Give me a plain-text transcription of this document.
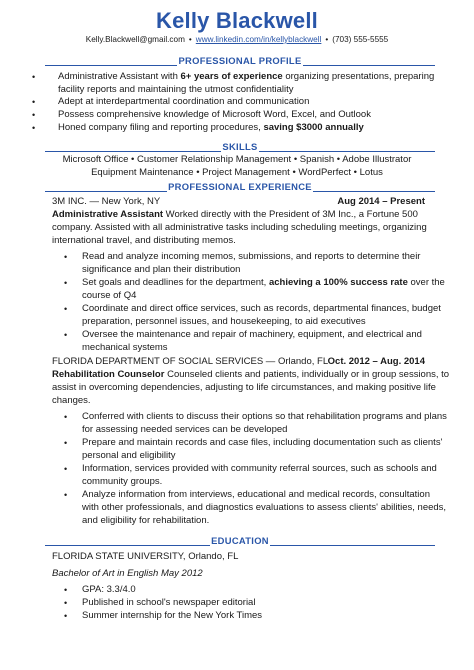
Kelly Blackwell
Kelly.Blackwell@gmail.com • www.linkedin.com/in/kellyblackwell • (703) 555-5555
PROFESSIONAL PROFILE
• Administrative Assistant with 6+ years of experience organizing presentations, preparing
facility reports and maintaining the utmost confidentiality
• Adept at interdepartmental coordination and communication
• Possess comprehensive knowledge of Microsoft Word, Excel, and Outlook
• Honed company filing and reporting procedures, saving $3000 annually
SKILLS
Microsoft Office • Customer Relationship Management • Spanish • Adobe Illustrator
Equipment Maintenance • Project Management • WordPerfect • Lotus
PROFESSIONAL EXPERIENCE
3M INC. — New York, NY	Aug 2014 – Present
Administrative Assistant Worked directly with the President of 3M Inc., a Fortune 500
company. Assisted with all administrative tasks including scheduling meetings, organizing
international travel, and distributing memos.
• Read and analyze incoming memos, submissions, and reports to determine their
significance and plan their distribution
• Set goals and deadlines for the department, achieving a 100% success rate over the
course of Q4
• Coordinate and direct office services, such as records, departmental finances, budget
preparation, personnel issues, and housekeeping, to aid executives
• Oversee the maintenance and repair of machinery, equipment, and electrical and
mechanical systems
FLORIDA DEPARTMENT OF SOCIAL SERVICES — Orlando, FL Oct. 2012 – Aug. 2014
Rehabilitation Counselor Counseled clients and patients, individually or in group sessions, to
assist in overcoming dependencies, adjusting to life circumstances, and making positive life
changes.
• Conferred with clients to discuss their options so that rehabilitation programs and plans
for assessing needed services can be developed
• Prepare and maintain records and case files, including documentation such as clients'
personal and eligibility
• Information, services provided with community referral sources, such as schools and
community groups.
• Analyze information from interviews, educational and medical records, consultation
with other professionals, and diagnostics evaluations to assess clients' abilities, needs,
and eligibility for rehabilitation.
EDUCATION
FLORIDA STATE UNIVERSITY, Orlando, FL
Bachelor of Art in English May 2012
• GPA: 3.3/4.0
• Published in school's newspaper editorial
• Summer internship for the New York Times
